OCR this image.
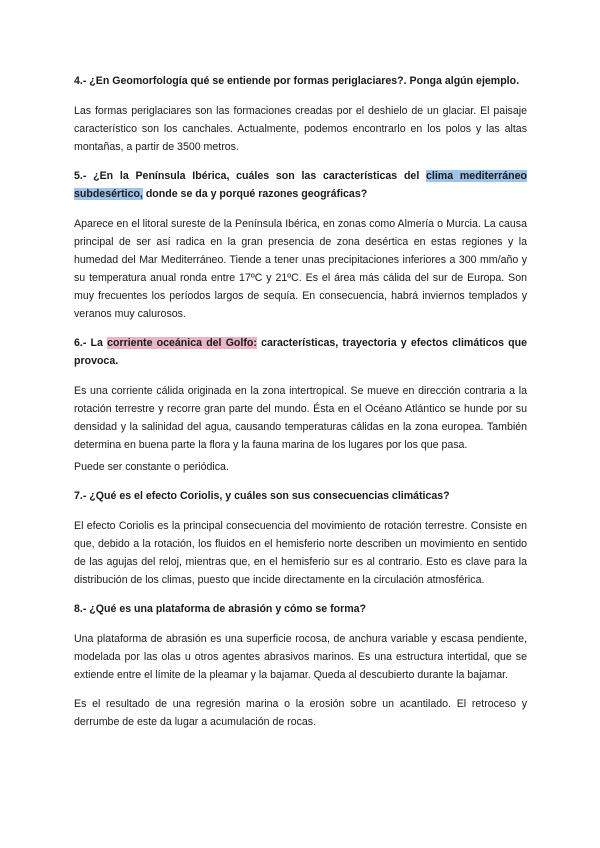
4.- ¿En Geomorfología qué se entiende por formas periglaciares?. Ponga algún ejemplo.

Las formas periglaciares son las formaciones creadas por el deshielo de un glaciar. El paisaje característico son los canchales. Actualmente, podemos encontrarlo en los polos y las altas montañas, a partir de 3500 metros.

5.- ¿En la Península Ibérica, cuáles son las características del clima mediterráneo subdesértico, donde se da y porqué razones geográficas?

Aparece en el litoral sureste de la Península Ibérica, en zonas como Almería o Murcia. La causa principal de ser así radica en la gran presencia de zona desértica en estas regiones y la humedad del Mar Mediterráneo. Tiende a tener unas precipitaciones inferiores a 300 mm/año y su temperatura anual ronda entre 17ºC y 21ºC. Es el área más cálida del sur de Europa. Son muy frecuentes los períodos largos de sequía. En consecuencia, habrá inviernos templados y veranos muy calurosos.

6.- La corriente oceánica del Golfo: características, trayectoria y efectos climáticos que provoca.

Es una corriente cálida originada en la zona intertropical. Se mueve en dirección contraria a la rotación terrestre y recorre gran parte del mundo. Ésta en el Océano Atlántico se hunde por su densidad y la salinidad del agua, causando temperaturas cálidas en la zona europea. También determina en buena parte la flora y la fauna marina de los lugares por los que pasa.

Puede ser constante o periódica.

7.- ¿Qué es el efecto Coriolis, y cuáles son sus consecuencias climáticas?

El efecto Coriolis es la principal consecuencia del movimiento de rotación terrestre. Consiste en que, debido a la rotación, los fluidos en el hemisferio norte describen un movimiento en sentido de las agujas del reloj, mientras que, en el hemisferio sur es al contrario. Esto es clave para la distribución de los climas, puesto que incide directamente en la circulación atmosférica.

8.- ¿Qué es una plataforma de abrasión y cómo se forma?

Una plataforma de abrasión es una superficie rocosa, de anchura variable y escasa pendiente, modelada por las olas u otros agentes abrasivos marinos. Es una estructura intertidal, que se extiende entre el límite de la pleamar y la bajamar. Queda al descubierto durante la bajamar.

Es el resultado de una regresión marina o la erosión sobre un acantilado. El retroceso y derrumbe de este da lugar a acumulación de rocas.
